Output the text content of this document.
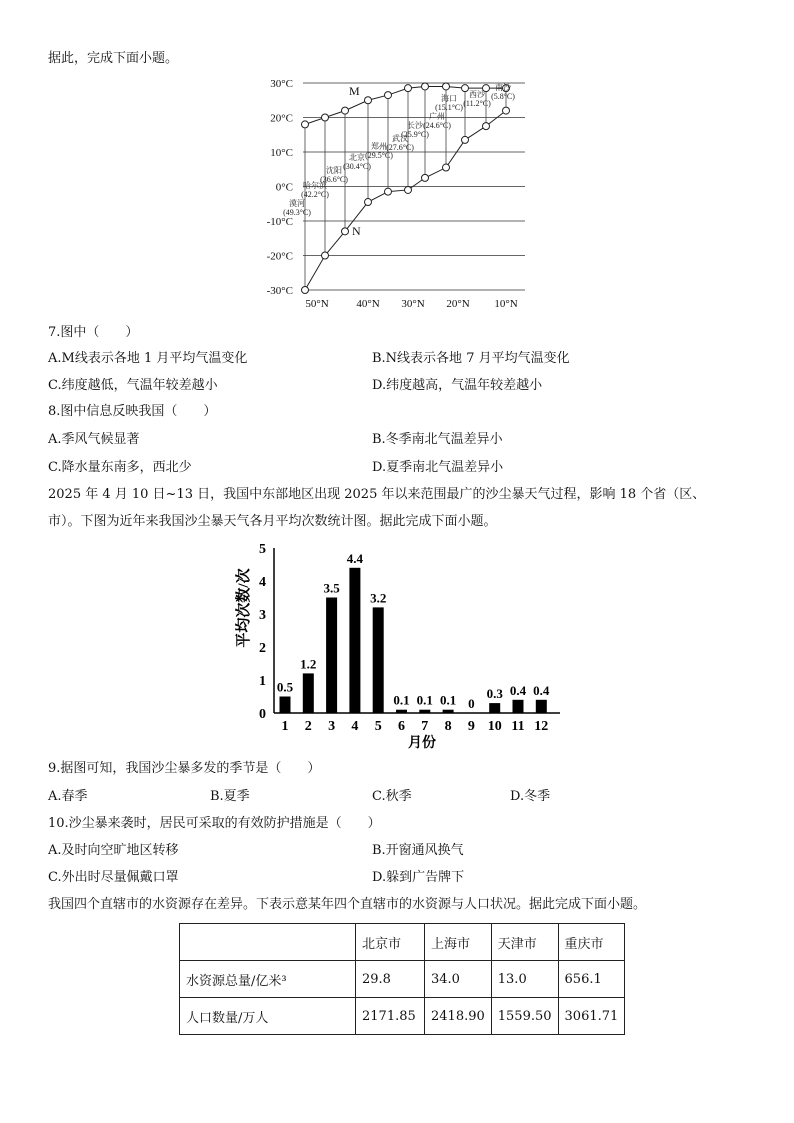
据此，完成下面小题。
30°C
20°C
10°C
0°C
-10°C
-20°C
-30°C
50°N	40°N 30°N 20°N 10°N
M
N
漠河
(49.3°C)
哈尔滨
(42.2°C)
沈阳
(36.6°C)
北京
(30.4°C)
郑州
(29.5°C)
武汉
(27.6°C)
长沙
(25.9°C)
广州
(24.6°C)
海口
(15.1°C)
西沙
(11.2°C)
南沙
(5.8°C)
7.图中（　　）
A.M线表示各地 1 月平均气温变化	B.N线表示各地 7 月平均气温变化
C.纬度越低，气温年较差越小	D.纬度越高，气温年较差越小
8.图中信息反映我国（　　）
A.季风气候显著	B.冬季南北气温差异小
C.降水量东南多，西北少	D.夏季南北气温差异小
2025 年 4 月 10 日~13 日，我国中东部地区出现 2025 年以来范围最广的沙尘暴天气过程，影响 18 个省（区、
市）。下图为近年来我国沙尘暴天气各月平均次数统计图。据此完成下面小题。
0
1
2
3
4
5
0.5
1
1.2
2
3.5
3
4.4
4
3.2
5
0.1
6
0.1
7
0.1
8
0
9
0.3
10
0.4
11
0.4
12
月份
平均次数/次
9.据图可知，我国沙尘暴多发的季节是（　　）
A.春季	B.夏季	C.秋季	D.冬季
10.沙尘暴来袭时，居民可采取的有效防护措施是（　　）
A.及时向空旷地区转移	B.开窗通风换气
C.外出时尽量佩戴口罩	D.躲到广告牌下
我国四个直辖市的水资源存在差异。下表示意某年四个直辖市的水资源与人口状况。据此完成下面小题。
	北京市	上海市	天津市	重庆市
水资源总量/亿米³	29.8	34.0	13.0	656.1
人口数量/万人	2171.85	2418.90	1559.50	3061.71
